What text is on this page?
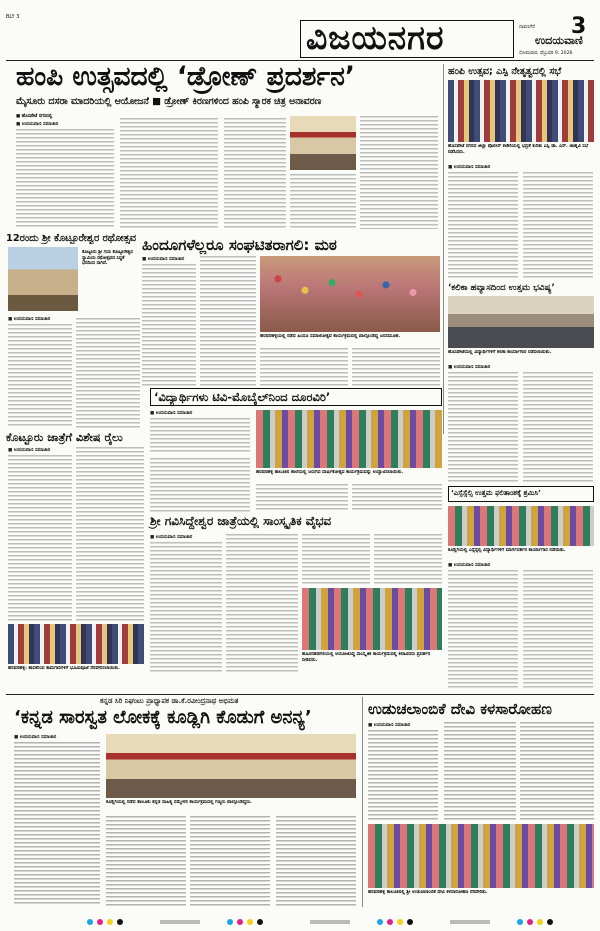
BLY 3
ವಿಜಯನಗರ	ದಾವಣಗೆರೆ
ಉದಯವಾಣಿ
3
ಸೋಮವಾರ, ಫೆಬ್ರುವರಿ 9, 2026
ಹಂಪಿ ಉತ್ಸವದಲ್ಲಿ ‘ಡ್ರೋಣ್ ಪ್ರದರ್ಶನ’
ಮೈಸೂರು ದಸರಾ ಮಾದರಿಯಲ್ಲಿ ಆಯೋಜನೆ ■ ಡ್ರೋಣ್ ಕಿರಣಗಳಿಂದ ಹಂಪಿ ಸ್ಮಾರಕ ಚಿತ್ರ ಅನಾವರಣ
■ ಹೊಸಪೇಟೆ ನಗರದಲ್ಲಿ
■ ಉದಯವಾಣಿ ಸಮಾಚಾರ
ಹಂಪಿ ಉತ್ಸವ; ಎಸ್ಪಿ ನೇತೃತ್ವದಲ್ಲಿ ಸಭೆ
ಹೊಸಪೇಟೆ ನಗರದ ಜಿಲ್ಲಾ ಪೊಲೀಸ್ ಕಚೇರಿಯಲ್ಲಿ ಭದ್ರತೆ ಕುರಿತು ಎಸ್ಪಿ ಡಾ. ಎಸ್. ಜಾಹ್ನವಿ ಸಭೆ ನಡೆಸಿದರು.
■ ಉದಯವಾಣಿ ಸಮಾಚಾರ
12ರಂದು ಶ್ರೀ ಕೊಟ್ಟೂರೇಶ್ವರ ರಥೋತ್ಸವ
ಕೊಟ್ಟೂರು ಶ್ರೀ ಗುರು ಕೊಟ್ಟೂರೇಶ್ವರ ಸ್ವಾಮಿಯ ರಥೋತ್ಸವದ ಸಿದ್ಧತೆ ಭರದಿಂದ ಸಾಗಿದೆ.
■ ಉದಯವಾಣಿ ಸಮಾಚಾರ
ಹಿಂದೂಗಳೆಲ್ಲರೂ ಸಂಘಟಿತರಾಗಲಿ: ಮಠ
■ ಉದಯವಾಣಿ ಸಮಾಚಾರ
ಹರಪನಹಳ್ಳಿಯಲ್ಲಿ ನಡೆದ ಹಿಂದೂ ಸಮಾಜೋತ್ಸವ ಕಾರ್ಯಕ್ರಮದಲ್ಲಿ ಪಾಲ್ಗೊಂಡಿದ್ದ ಜನಸಮೂಹ.
‘ಕಲಿಕಾ ಹವ್ಯಾಸದಿಂದ ಉತ್ತಮ ಭವಿಷ್ಯ’
ಹೊಸಪೇಟೆಯಲ್ಲಿ ವಿದ್ಯಾರ್ಥಿಗಳಿಗೆ ಕಲಿಕಾ ಕಾರ್ಯಾಗಾರ ನಡೆಸಲಾಯಿತು.
■ ಉದಯವಾಣಿ ಸಮಾಚಾರ
‘ವಿದ್ಯಾರ್ಥಿಗಳು ಟಿವಿ-ಮೊಬೈಲ್‌ನಿಂದ ದೂರವಿರಿ’
■ ಉದಯವಾಣಿ ಸಮಾಚಾರ
ಹರಪನಹಳ್ಳಿ ತಾಲೂಕಿನ ಶಾಲೆಯಲ್ಲಿ ಜರುಗಿದ ವಾರ್ಷಿಕೋತ್ಸವ ಕಾರ್ಯಕ್ರಮವನ್ನು ಉದ್ಘಾಟಿಸಲಾಯಿತು.
ಕೊಟ್ಟೂರು ಜಾತ್ರೆಗೆ ವಿಶೇಷ ರೈಲು
■ ಉದಯವಾಣಿ ಸಮಾಚಾರ
ಹರಪನಹಳ್ಳಿ: ಶಾಸಕರಿಂದ ಕಾಮಗಾರಿಗಳಿಗೆ ಭೂಮಿಪೂಜೆ ನೆರವೇರಿಸಲಾಯಿತು.
‘ಎಸ್ಸೆಸ್ಸೆಲ್ಸಿ ಉತ್ತಮ ಫಲಿತಾಂಶಕ್ಕೆ ಶ್ರಮಿಸಿ’
ಕೂಡ್ಲಿಗಿಯಲ್ಲಿ ಎಸ್ಸೆಸ್ಸೆಲ್ಸಿ ವಿದ್ಯಾರ್ಥಿಗಳಿಗೆ ಮಾರ್ಗದರ್ಶನ ಕಾರ್ಯಾಗಾರ ನಡೆಯಿತು.
■ ಉದಯವಾಣಿ ಸಮಾಚಾರ
ಶ್ರೀ ಗವಿಸಿದ್ದೇಶ್ವರ ಜಾತ್ರೆಯಲ್ಲಿ ಸಾಂಸ್ಕೃತಿಕ ವೈಭವ
■ ಉದಯವಾಣಿ ಸಮಾಚಾರ
ಹೂವಿನಹಡಗಲಿಯಲ್ಲಿ ಆಯೋಜಿಸಿದ್ದ ಸಾಂಸ್ಕೃತಿಕ ಕಾರ್ಯಕ್ರಮದಲ್ಲಿ ಕಲಾವಿದರು ಪ್ರದರ್ಶನ ನೀಡಿದರು.
ಕನ್ನಡ ಸಿರಿ ನಿಘಂಟು ಪ್ರಾಧ್ಯಾಪಕ ಡಾ.ಕೆ.ರವೀಂದ್ರನಾಥ ಅಭಿಮತ
‘ಕನ್ನಡ ಸಾರಸ್ವತ ಲೋಕಕ್ಕೆ ಕೂಡ್ಲಿಗಿ ಕೊಡುಗೆ ಅನನ್ಯ’
■ ಉದಯವಾಣಿ ಸಮಾಚಾರ
ಕೂಡ್ಲಿಗಿಯಲ್ಲಿ ನಡೆದ ತಾಲೂಕು ಕನ್ನಡ ಸಾಹಿತ್ಯ ಸಮ್ಮೇಳನ ಕಾರ್ಯಕ್ರಮದಲ್ಲಿ ಗಣ್ಯರು ಪಾಲ್ಗೊಂಡಿದ್ದರು.
ಉಡುಚಲಾಂಬಿಕೆ ದೇವಿ ಕಳಸಾರೋಹಣ
■ ಉದಯವಾಣಿ ಸಮಾಚಾರ
ಹರಪನಹಳ್ಳಿ ತಾಲೂಕಿನಲ್ಲಿ ಶ್ರೀ ಉಡುಚಲಾಂಬಿಕೆ ದೇವಿ ಕಳಸಾರೋಹಣ ನೆರವೇರಿತು.
